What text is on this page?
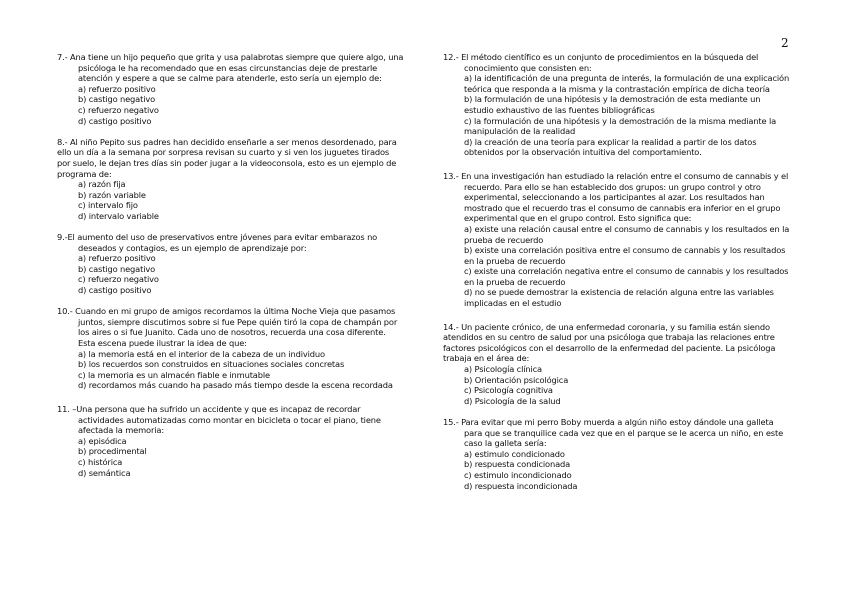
2

7.- Ana tiene un hijo pequeño que grita y usa palabrotas siempre que quiere algo, una
psicóloga le ha recomendado que en esas circunstancias deje de prestarle
atención y espere a que se calme para atenderle, esto sería un ejemplo de:

a) refuerzo positivo
b) castigo negativo
c) refuerzo negativo
d) castigo positivo

8.- Al niño Pepito sus padres han decidido enseñarle a ser menos desordenado, para
ello un día a la semana por sorpresa revisan su cuarto y si ven los juguetes tirados
por suelo, le dejan tres días sin poder jugar a la videoconsola, esto es un ejemplo de
programa de:

a) razón fija
b) razón variable
c) intervalo fijo
d) intervalo variable

9.-El aumento del uso de preservativos entre jóvenes para evitar embarazos no
deseados y contagios, es un ejemplo de aprendizaje por:

a) refuerzo positivo
b) castigo negativo
c) refuerzo negativo
d) castigo positivo

10.- Cuando en mi grupo de amigos recordamos la última Noche Vieja que pasamos
juntos, siempre discutimos sobre si fue Pepe quién tiró la copa de champán por
los aires o si fue Juanito. Cada uno de nosotros, recuerda una cosa diferente.
Esta escena puede ilustrar la idea de que:

a) la memoria está en el interior de la cabeza de un individuo
b) los recuerdos son construidos en situaciones sociales concretas
c) la memoria es un almacén fiable e inmutable
d) recordamos más cuando ha pasado más tiempo desde la escena recordada

11. –Una persona que ha sufrido un accidente y que es incapaz de recordar
actividades automatizadas como montar en bicicleta o tocar el piano, tiene
afectada la memoria:

a) episódica
b) procedimental
c) histórica
d) semántica

12.- El método científico es un conjunto de procedimientos en la búsqueda del
conocimiento que consisten en:

a) la identificación de una pregunta de interés, la formulación de una explicación
teórica que responda a la misma y la contrastación empírica de dicha teoría
b) la formulación de una hipótesis y la demostración de esta mediante un
estudio exhaustivo de las fuentes bibliográficas
c) la formulación de una hipótesis y la demostración de la misma mediante la
manipulación de la realidad
d) la creación de una teoría para explicar la realidad a partir de los datos
obtenidos por la observación intuitiva del comportamiento.

13.- En una investigación han estudiado la relación entre el consumo de cannabis y el
recuerdo. Para ello se han establecido dos grupos: un grupo control y otro
experimental, seleccionando a los participantes al azar. Los resultados han
mostrado que el recuerdo tras el consumo de cannabis era inferior en el grupo
experimental que en el grupo control. Esto significa que:

a) existe una relación causal entre el consumo de cannabis y los resultados en la
prueba de recuerdo
b) existe una correlación positiva entre el consumo de cannabis y los resultados
en la prueba de recuerdo
c) existe una correlación negativa entre el consumo de cannabis y los resultados
en la prueba de recuerdo
d) no se puede demostrar la existencia de relación alguna entre las variables
implicadas en el estudio

14.- Un paciente crónico, de una enfermedad coronaria, y su familia están siendo
atendidos en su centro de salud por una psicóloga que trabaja las relaciones entre
factores psicológicos con el desarrollo de la enfermedad del paciente. La psicóloga
trabaja en el área de:

a) Psicología clínica
b) Orientación psicológica
c) Psicología cognitiva
d) Psicología de la salud

15.- Para evitar que mi perro Boby muerda a algún niño estoy dándole una galleta
para que se tranquilice cada vez que en el parque se le acerca un niño, en este
caso la galleta sería:

a) estimulo condicionado
b) respuesta condicionada
c) estimulo incondicionado
d) respuesta incondicionada
